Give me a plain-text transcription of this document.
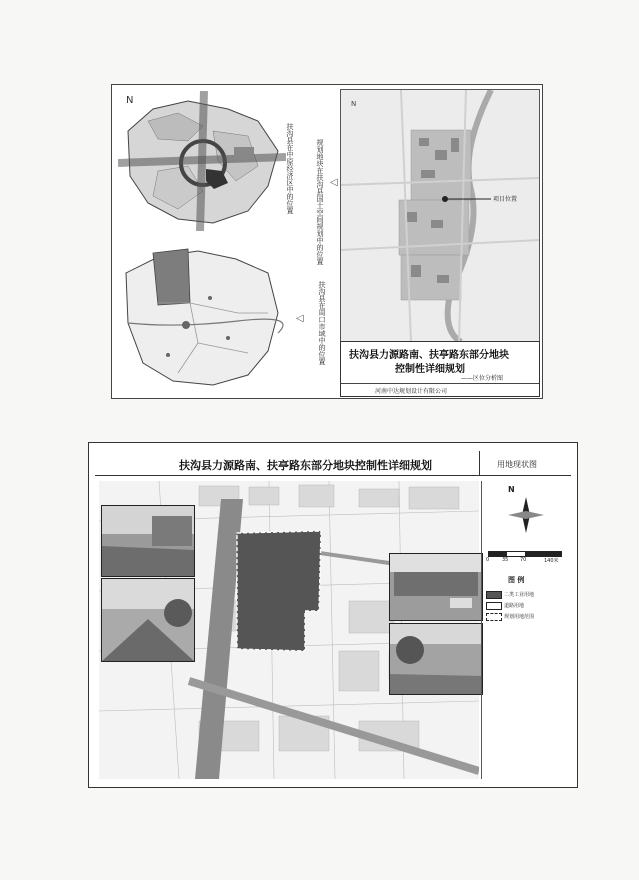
N
扶沟县在中原经济区中的位置
扶沟县在周口市域中的位置
规划地块在扶沟县国土空间规划中的位置 ◁
◁
N
项目位置
扶沟县力源路南、扶亭路东部分地块
控制性详细规划
——区位分析图
河南中达规划设计有限公司
扶沟县力源路南、扶亭路东部分地块控制性详细规划	用地现状图
N
0	35 70	140米
图 例
二类工业用地
道路用地
规划用地范围
